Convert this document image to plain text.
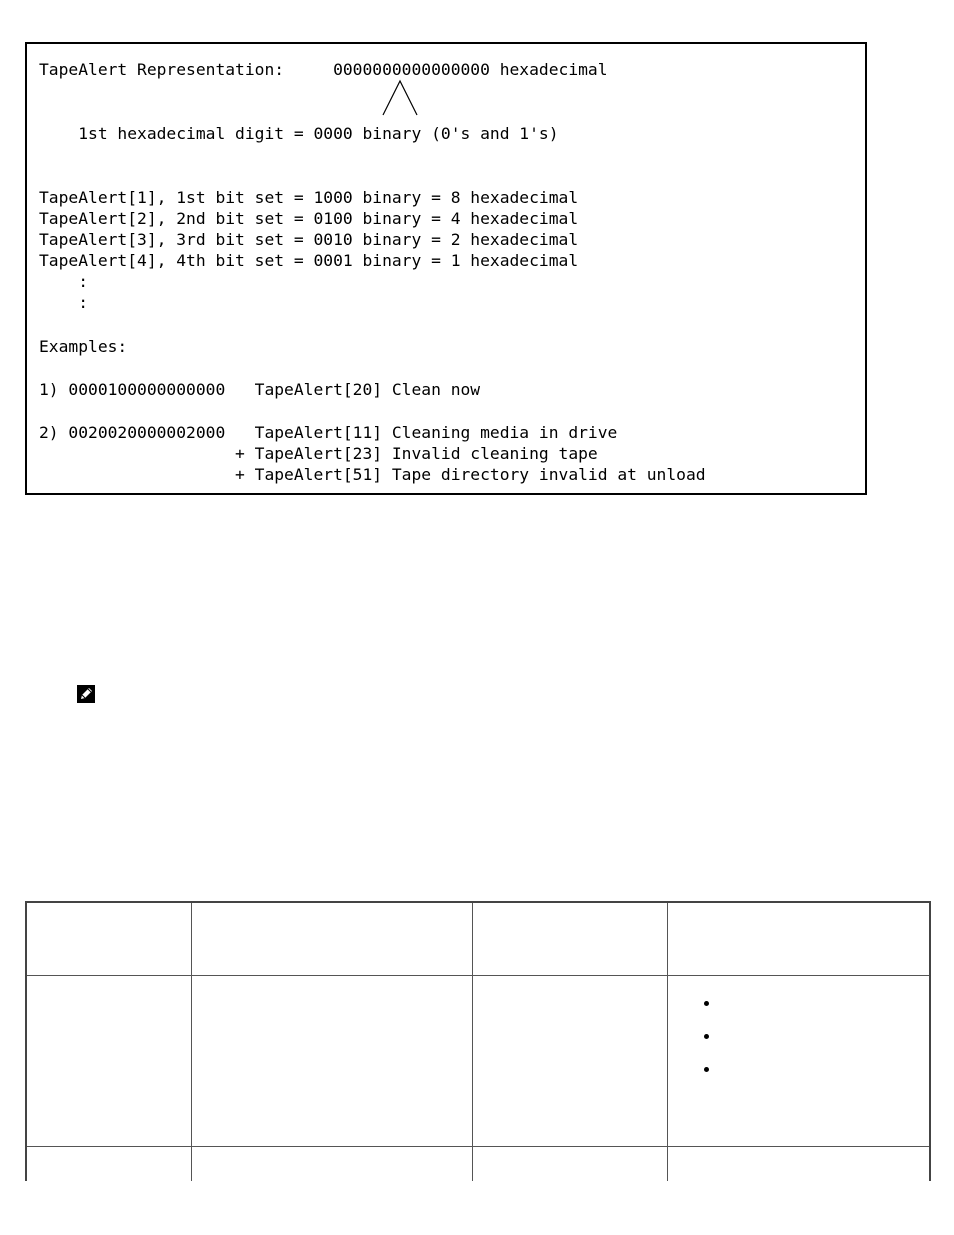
TapeAlert Representation:     0000000000000000 hexadecimal
1st hexadecimal digit = 0000 binary (0's and 1's)
TapeAlert[1], 1st bit set = 1000 binary = 8 hexadecimal
TapeAlert[2], 2nd bit set = 0100 binary = 4 hexadecimal
TapeAlert[3], 3rd bit set = 0010 binary = 2 hexadecimal
TapeAlert[4], 4th bit set = 0001 binary = 1 hexadecimal
:
:
Examples:
1) 0000100000000000   TapeAlert[20] Clean now
2) 0020020000002000   TapeAlert[11] Cleaning media in drive
+ TapeAlert[23] Invalid cleaning tape
+ TapeAlert[51] Tape directory invalid at unload
